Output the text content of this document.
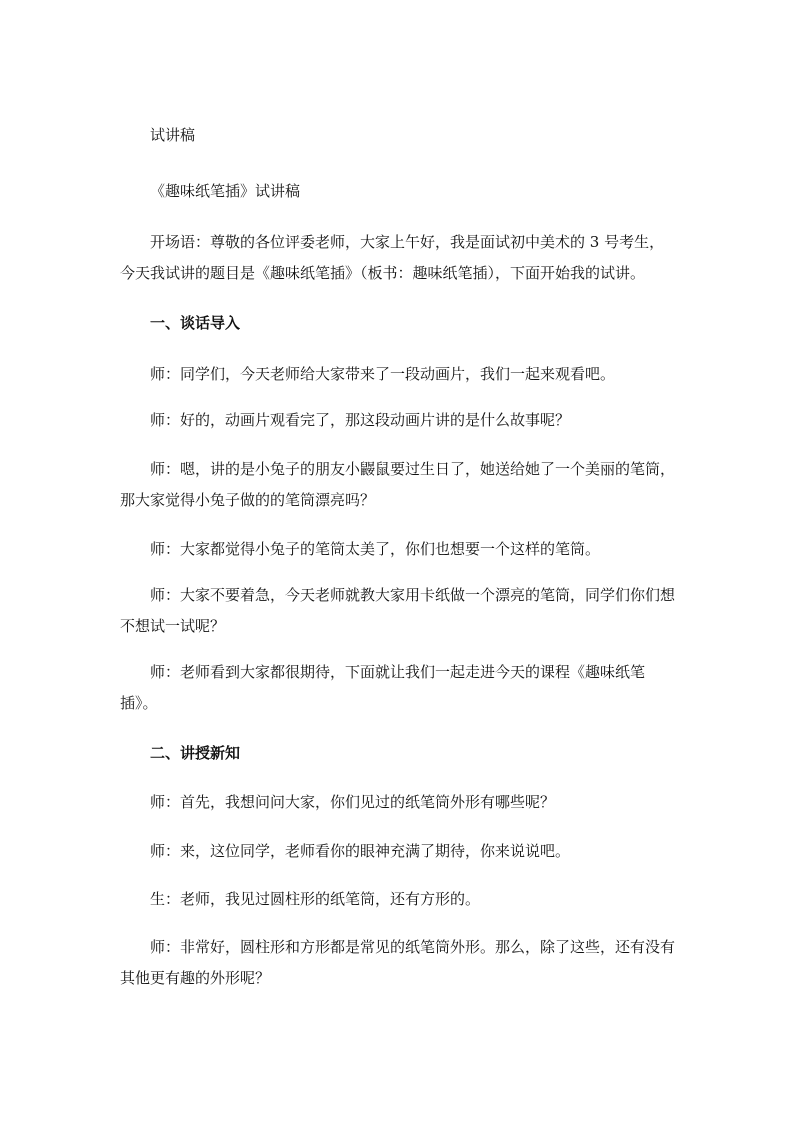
试讲稿
《趣味纸笔插》试讲稿
开场语：尊敬的各位评委老师，大家上午好，我是面试初中美术的 3 号考生，今天我试讲的题目是《趣味纸笔插》（板书：趣味纸笔插），下面开始我的试讲。
一、谈话导入
师：同学们，今天老师给大家带来了一段动画片，我们一起来观看吧。
师：好的，动画片观看完了，那这段动画片讲的是什么故事呢？
师：嗯，讲的是小兔子的朋友小鼹鼠要过生日了，她送给她了一个美丽的笔筒，那大家觉得小兔子做的的笔筒漂亮吗？
师：大家都觉得小兔子的笔筒太美了，你们也想要一个这样的笔筒。
师：大家不要着急，今天老师就教大家用卡纸做一个漂亮的笔筒，同学们你们想不想试一试呢？
师：老师看到大家都很期待，下面就让我们一起走进今天的课程《趣味纸笔插》。
二、讲授新知
师：首先，我想问问大家，你们见过的纸笔筒外形有哪些呢？
师：来，这位同学，老师看你的眼神充满了期待，你来说说吧。
生：老师，我见过圆柱形的纸笔筒，还有方形的。
师：非常好，圆柱形和方形都是常见的纸笔筒外形。那么，除了这些，还有没有其他更有趣的外形呢？
